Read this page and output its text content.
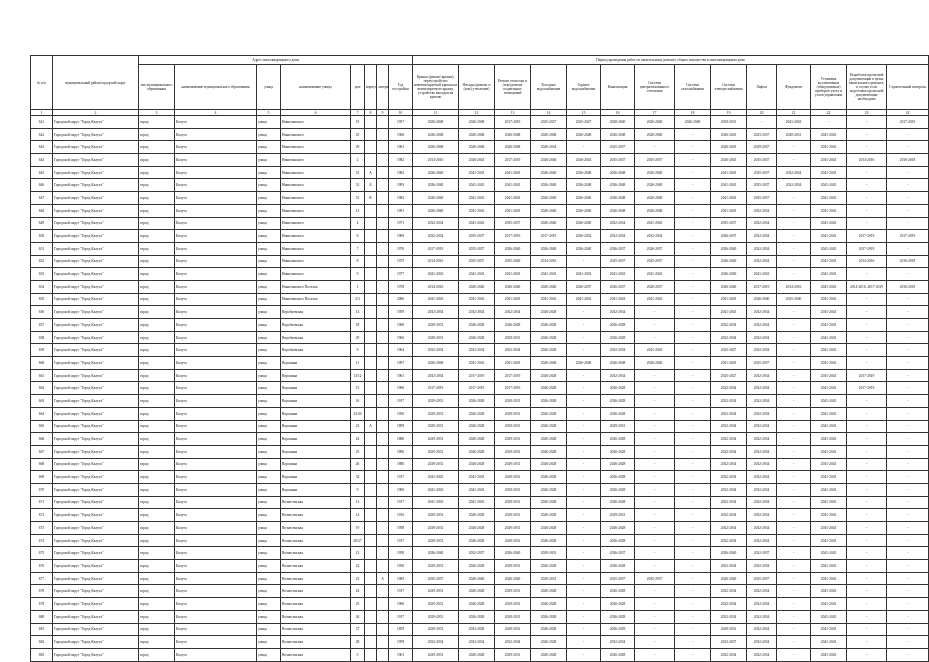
№ п/п	муниципальный район/городской округ	Адрес многоквартирного дома								Период проведения работ по капитальному ремонту общего имущества в многоквартирном доме													
		тип муниципального образования	наименование муниципального образования	улица	наименование улицы	дом	корпус	литера	Год постройки	Крыша (ремонт крыши), переустройство невентилируемой крыши на вентилируемую крышу, устройство выходов на кровлю	Фасады (ремонт и (или) утепление)	Ремонт отмостки и (или) ремонт подвальных помещений	Холодное водоснабжение	Горячее водоснабжение	Канализация	Система централизованного отопления	Система газоснабжения	Система электроснабжения	Лифты	Фундамент	Установка коллективных (общедомовых) приборов учета и узлов управления	Разработка проектной документации в целях капитального ремонта, в случае если подготовка проектной документации необходима	Строительный контроль
1	2	3	4	5	6	7	8	9	10	11	12	13	14	15	16	17	18	19	20	21	22	23	24
641	Городской округ "Город Калуга"	город	Калуга	улица	Никитинского	19			1957	2026-2048	2026-2048	2017-2019	2025-2027	2025-2027	2028-2040	2026-2040	2026-2040	2029-2031	-	2041-2043	-	-	2017-2019
642	Городской округ "Город Калуга"	город	Калуга	улица	Никитинского	25			1960	2026-2048	2026-2048	2026-2048	2026-2048	2026-2048	2026-2048	2026-2040	-	2026-2043	2023-2037	2020-2031	2041-2043	-	-
643	Городской округ "Город Калуга"	город	Калуга	улица	Никитинского	29			1961	2026-2048	2026-2048	2026-2048	2026-2034	-	2025-2037	-	-	2026-2043	2029-2037	-	2041-2043	-	-
644	Городской округ "Город Калуга"	город	Калуга	улица	Никитинского	2			1982	2014-2016	2026-2043	2017-2019	2026-2046	2026-2043	2035-2037	2035-2037	-	2026-2043	2035-2037	-	2041-2043	2014-2016	2016-2018
645	Городской округ "Город Калуга"	город	Калуга	улица	Никитинского	31	А		1982	2026-2040	2041-2043	2041-2043	2026-2040	2026-2048	2026-2048	2026-2040	-	2041-2043	2035-2037	2032-2034	2041-2043	-	-
646	Городской округ "Город Калуга"	город	Калуга	улица	Никитинского	31	Б		1993	2026-2040	2041-2043	2041-2043	2026-2040	2026-2048	2026-2048	2026-2040	-	2041-2043	2035-2037	2032-2034	2041-2043	-	-
647	Городской округ "Город Калуга"	город	Калуга	улица	Никитинского	31	В		1982	2026-2040	2041-2043	2041-2043	2026-2040	2026-2040	2026-2048	2026-2040	-	2041-2043	2035-2037	-	2041-2043	-	-
648	Городской округ "Город Калуга"	город	Калуга	улица	Никитинского	13			1991	2026-2040	2041-2043	2041-2043	2026-2040	2026-2040	2026-2048	2026-2048	-	2041-2043	2032-2034	-	2041-2043	-	-
649	Городской округ "Город Калуга"	город	Калуга	улица	Никитинского	4			1971	2032-2034	2041-2043	2035-2037	2026-2040	2026-2040	2032-2034	2041-2043	-	2035-2037	2032-2034	-	2041-2043	-	-
650	Городской округ "Город Калуга"	город	Калуга	улица	Никитинского	6			1969	2032-2034	2035-2037	2017-2019	2017-2019	2026-2032	2032-2034	2032-2034	-	2026-2037	2032-2034	-	2041-2043	2017-2019	2017-2019
651	Городской округ "Город Калуга"	город	Калуга	улица	Никитинского	7			1976	2017-2019	2035-2037	2026-2040	2026-2040	2026-2040	2026-2037	2026-2037	-	2026-2040	2032-2034	-	2041-2043	2017-2019	-
652	Городской округ "Город Калуга"	город	Калуга	улица	Никитинского	8			1975	2014-2016	2035-2037	2035-2040	2014-2016	-	2025-2037	2025-2037	-	2026-2040	2032-2034	-	2041-2043	2014-2016	2016-2018
653	Городской округ "Город Калуга"	город	Калуга	улица	Никитинского	9			1977	2041-2043	2041-2043	2041-2043	2041-2043	2041-2043	2041-2043	2041-2043	-	2026-2040	2041-2043	-	2041-2043	-	-
654	Городской округ "Город Калуга"	город	Калуга	улица	Никитинского Поселка	1			1978	2014-2016	2026-2040	2026-2040	2026-2040	2026-2037	2026-2037	2026-2037	-	2026-2040	2017-2019	2014-2016	2041-2043	2014-2016, 2017-2019	2016-2018
655	Городской округ "Город Калуга"	город	Калуга	улица	Никитинского Поселка	2/3			2006	2041-2043	2041-2043	2041-2043	2041-2043	2041-2043	2041-2043	2041-2043	-	2041-2043	2026-2040	2035-2040	2041-2043	-	-
656	Городской округ "Город Калуга"	город	Калуга	улица	Воробьевская	14			1959	2032-2034	2032-2034	2032-2034	2026-2028	-	2032-2034	-	-	2041-2043	2032-2034	-	2041-2043	-	-
657	Городской округ "Город Калуга"	город	Калуга	улица	Воробьевская	18			1960	2029-2031	2026-2028	2026-2028	2026-2028	-	2026-2028	-	-	2032-2034	2032-2034	-	2041-2043	-	-
658	Городской округ "Город Калуга"	город	Калуга	улица	Воробьевская	29			1960	2029-2031	2026-2028	2029-2031	2026-2028	-	2026-2028	-	-	2032-2034	2032-2034	-	2041-2043	-	-
659	Городской округ "Город Калуга"	город	Калуга	улица	Воробьевская	9			1964	2032-2034	2032-2034	2032-2034	2026-2028	-	2032-2034	2041-2043	-	2025-2027	2032-2034	-	2041-2043	-	-
660	Городской округ "Город Калуга"	город	Калуга	улица	Воронина	11			1997	2026-2048	2041-2043	2041-2043	2026-2048	2026-2048	2026-2048	2026-2040	-	2041-2043	2035-2037	-	2041-2043	-	-
661	Городской округ "Город Калуга"	город	Калуга	улица	Воронина	13/12			1961	2032-2034	2017-2019	2017-2019	2026-2028	-	2032-2034	-	-	2025-2027	2032-2034	-	2041-2043	2017-2019	-
662	Городской округ "Город Калуга"	город	Калуга	улица	Воронина	15			1960	2017-2019	2017-2019	2017-2019	2026-2028	-	2026-2028	-	-	2032-2034	2032-2034	-	2041-2043	2017-2019	-
663	Городской округ "Город Калуга"	город	Калуга	улица	Воронина	16			1917	2029-2031	2026-2028	2029-2031	2026-2028	-	2026-2028	-	-	2032-2034	2032-2034	-	2041-2043	-	-
664	Городской округ "Город Калуга"	город	Калуга	улица	Воронина	22/20			1950	2029-2031	2026-2028	2029-2031	2026-2028	-	2026-2028	-	-	2032-2034	2032-2034	-	2041-2043	-	-
665	Городской округ "Город Калуга"	город	Калуга	улица	Воронина	23	А		1899	2029-2031	2026-2028	2029-2031	2026-2028	-	2029-2031	-	-	2032-2034	2032-2034	-	2041-2043	-	-
666	Городской округ "Город Калуга"	город	Калуга	улица	Воронина	24			1880	2029-2031	2026-2028	2029-2031	2026-2028	-	2026-2028	-	-	2032-2034	2032-2034	-	2041-2043	-	-
667	Городской округ "Город Калуга"	город	Калуга	улица	Воронина	25			1890	2029-2031	2026-2028	2029-2031	2026-2028	-	2026-2028	-	-	2032-2034	2032-2034	-	2041-2043	-	-
668	Городской округ "Город Калуга"	город	Калуга	улица	Воронина	26			1880	2029-2031	2026-2028	2029-2031	2026-2028	-	2026-2028	-	-	2032-2034	2032-2034	-	2041-2043	-	-
669	Городской округ "Город Калуга"	город	Калуга	улица	Воронина	32			1917	2041-2043	2041-2043	2029-2031	2026-2028	-	2026-2028	-	-	2032-2034	2032-2034	-	2041-2043	-	-
670	Городской округ "Город Калуга"	город	Калуга	улица	Воронина	9			1900	2041-2043	2041-2043	2029-2031	2026-2028	-	2026-2028	-	-	2032-2034	2032-2034	-	2041-2043	-	-
671	Городской округ "Город Калуга"	город	Калуга	улица	Вознесенская	12			1917	2041-2043	2041-2043	2029-2031	2026-2028	-	2026-2028	-	-	2032-2034	2032-2034	-	2041-2043	-	-
672	Городской округ "Город Калуга"	город	Калуга	улица	Вознесенская	14			1916	2029-2031	2026-2028	2029-2031	2026-2028	-	2029-2031	-	-	2032-2034	2032-2034	-	2041-2043	-	-
673	Городской округ "Город Калуга"	город	Калуга	улица	Вознесенская	19			1958	2029-2031	2026-2028	2029-2031	2026-2028	-	2026-2028	-	-	2032-2034	2032-2034	-	2041-2043	-	-
674	Городской округ "Город Калуга"	город	Калуга	улица	Вознесенская	20/27			1917	2029-2031	2026-2028	2029-2031	2026-2028	-	2026-2028	-	-	2032-2034	2032-2034	-	2041-2043	-	-
675	Городской округ "Город Калуга"	город	Калуга	улица	Вознесенская	21			1958	2026-2040	2032-2037	2026-2040	2029-2031	-	2026-2037	-	-	2026-2040	2032-2037	-	2041-2043	-	-
676	Городской округ "Город Калуга"	город	Калуга	улица	Вознесенская	22			1930	2029-2031	2026-2028	2029-2031	2026-2028	-	2026-2028	-	-	2032-2034	2032-2034	-	2041-2043	-	-
677	Городской округ "Город Калуга"	город	Калуга	улица	Вознесенская	23		А	1985	2035-2037	2026-2040	2026-2040	2029-2031	-	2035-2037	2035-2037	-	2026-2040	2035-2037	-	2041-2043	-	-
678	Городской округ "Город Калуга"	город	Калуга	улица	Вознесенская	24			1917	2029-2031	2026-2028	2029-2031	2026-2028	-	2026-2028	-	-	2032-2034	2032-2034	-	2041-2043	-	-
679	Городской округ "Город Калуга"	город	Калуга	улица	Вознесенская	25			1960	2029-2031	2026-2028	2029-2031	2026-2028	-	2026-2028	-	-	2032-2034	2032-2034	-	2041-2043	-	-
680	Городской округ "Город Калуга"	город	Калуга	улица	Вознесенская	26			1917	2029-2031	2026-2028	2029-2031	2026-2028	-	2026-2028	-	-	2032-2034	2032-2034	-	2041-2043	-	-
681	Городской округ "Город Калуга"	город	Калуга	улица	Вознесенская	27			1859	2029-2031	2032-2028	2029-2031	2026-2028	-	2026-2029	-	-	2029-2031	2032-2034	-	2041-2043	-	-
682	Городской округ "Город Калуга"	город	Калуга	улица	Вознесенская	28			1959	2032-2034	2032-2034	2032-2034	2026-2028	-	2032-2034	-	-	2023-2037	2032-2034	-	2041-2043	-	-
683	Городской округ "Город Калуга"	город	Калуга	улица	Вознесенская	5			1901	2029-2031	2026-2028	2029-2031	2026-2028	-	2026-2028	-	-	2032-2034	2032-2034	-	2041-2043	-	-
